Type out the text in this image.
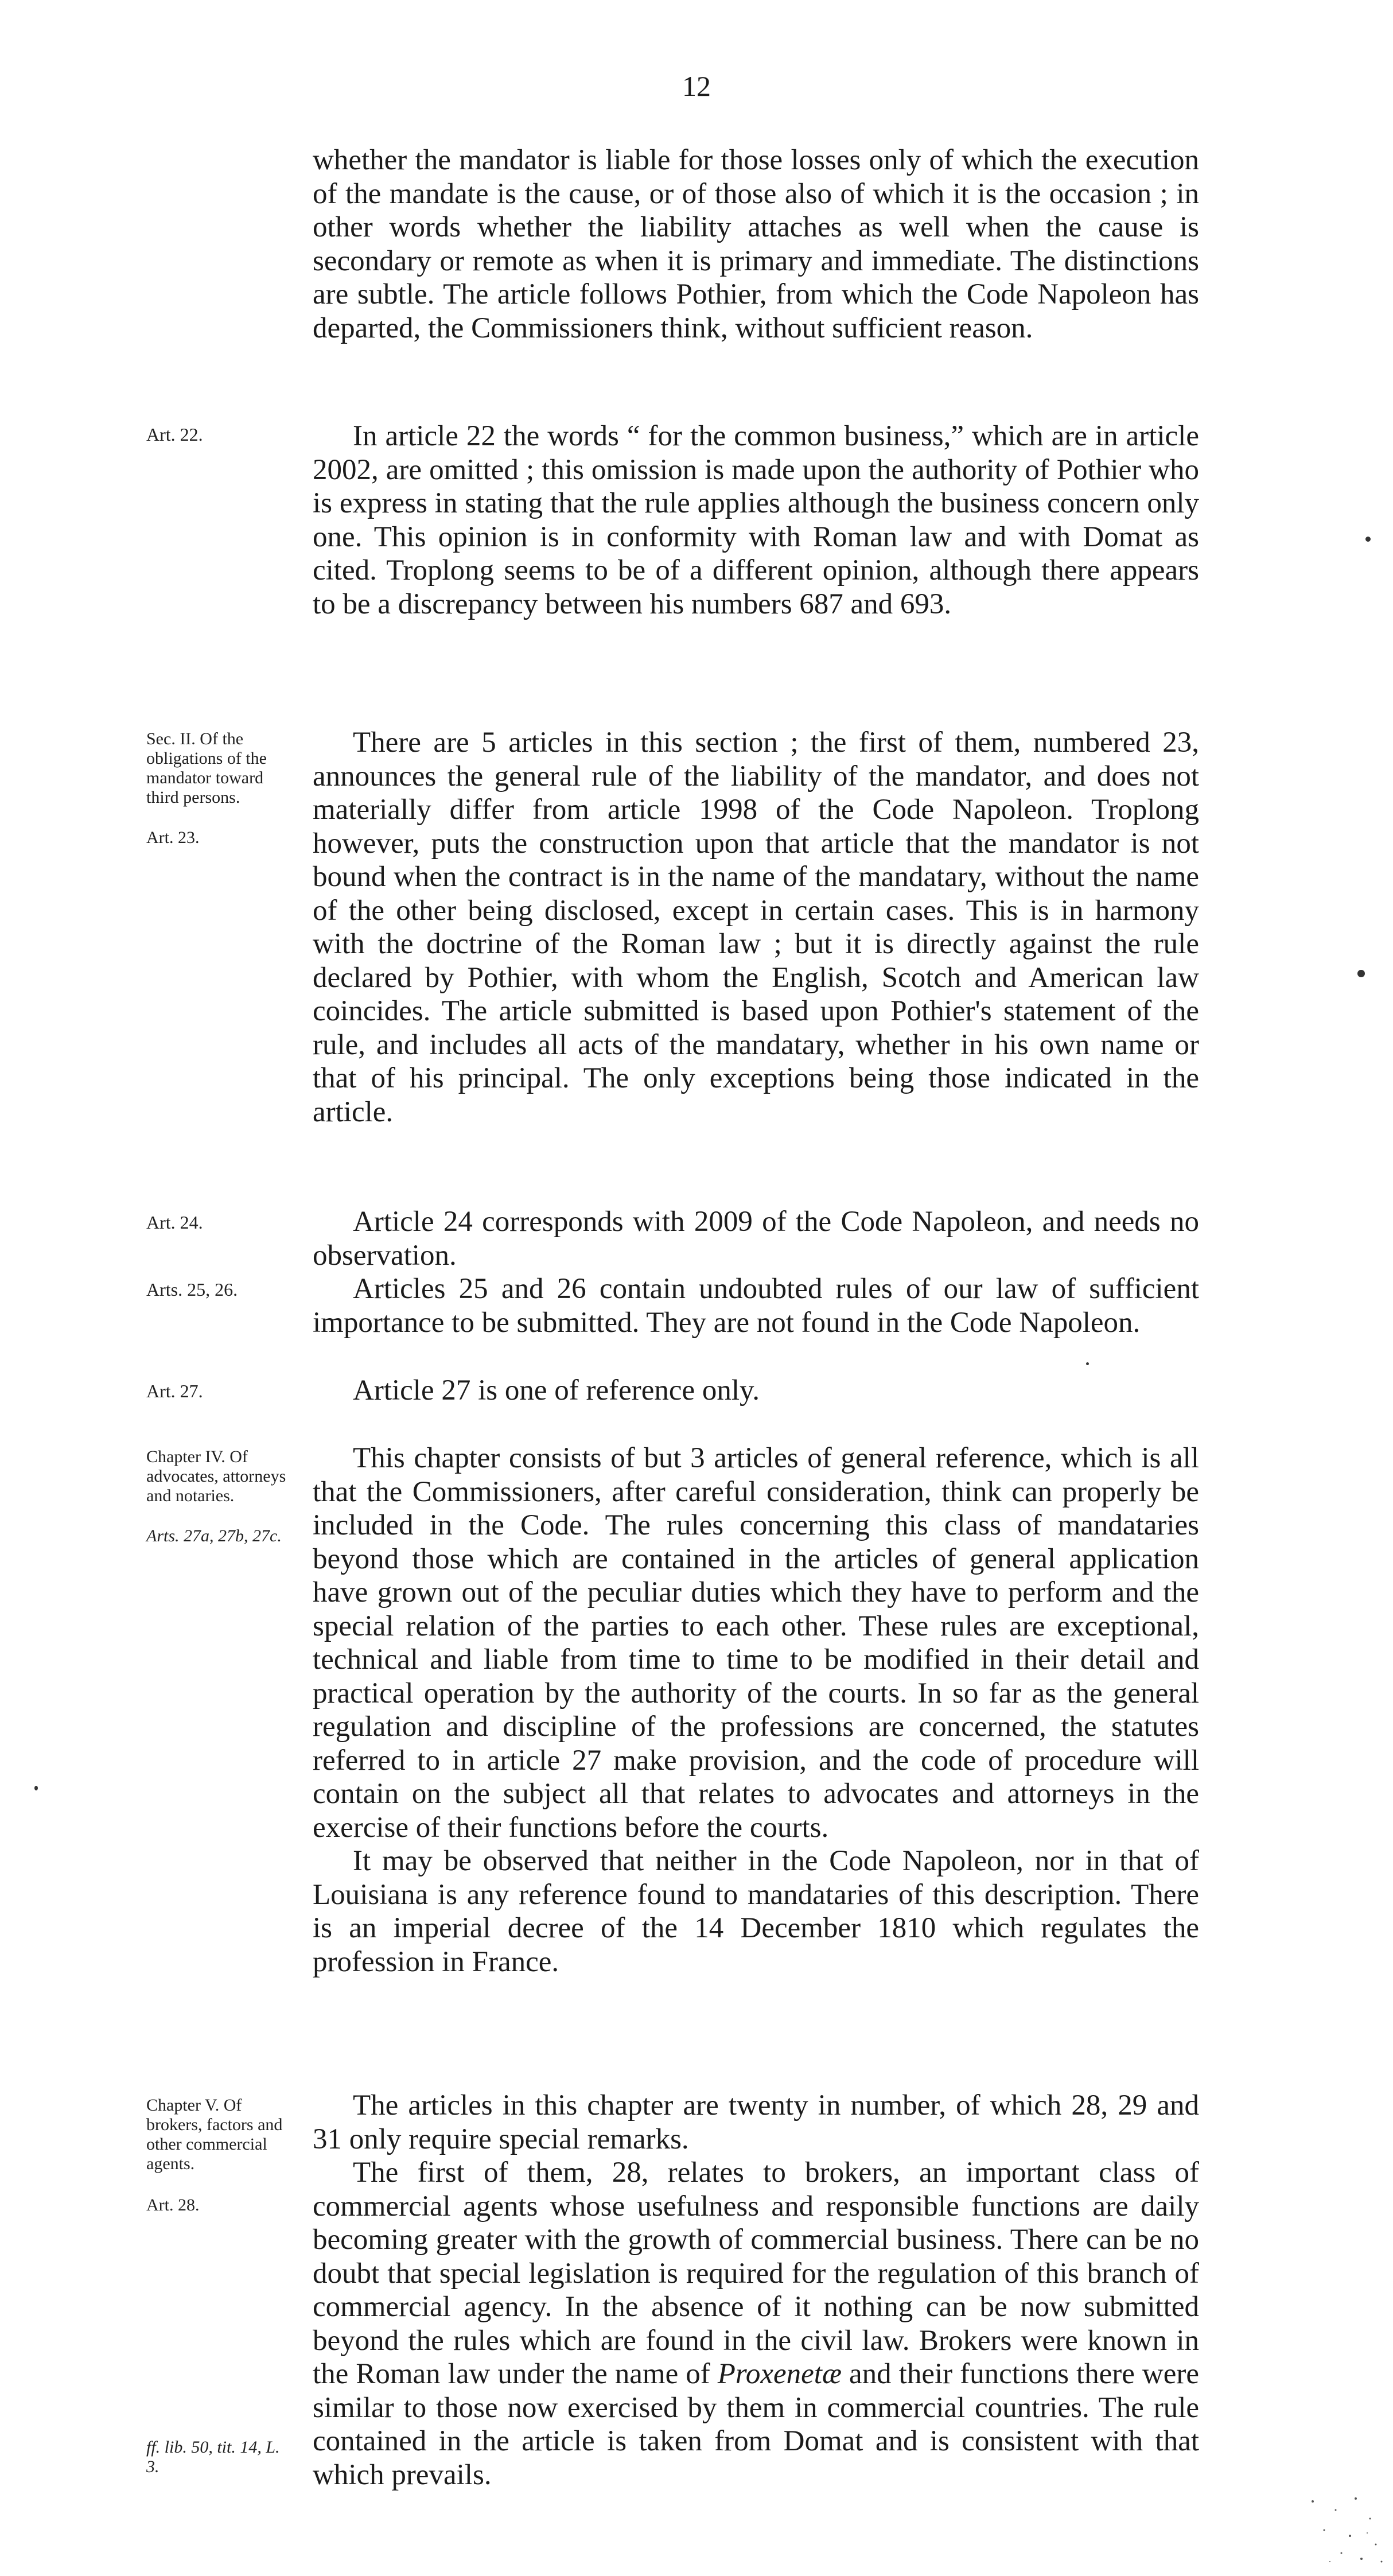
12

whether the mandator is liable for those losses only of which the execution of the mandate is the cause, or of those also of which it is the occasion ; in other words whether the liability attaches as well when the cause is secondary or remote as when it is primary and immediate. The distinctions are subtle. The article follows Pothier, from which the Code Napoleon has departed, the Commissioners think, without sufficient reason.

Art. 22.	In article 22 the words “ for the common business,” which are in article 2002, are omitted ; this omission is made upon the authority of Pothier who is express in stating that the rule applies although the business concern only one. This opinion is in conformity with Roman law and with Domat as cited. Troplong seems to be of a different opinion, although there appears to be a discrepancy between his numbers 687 and 693.

Sec. II. Of the obligations of the mandator toward third persons.
Art. 23.

There are 5 articles in this section ; the first of them, numbered 23, announces the general rule of the liability of the mandator, and does not materially differ from article 1998 of the Code Napoleon. Troplong however, puts the construction upon that article that the mandator is not bound when the contract is in the name of the mandatary, without the name of the other being disclosed, except in certain cases. This is in harmony with the doctrine of the Roman law ; but it is directly against the rule declared by Pothier, with whom the English, Scotch and American law coincides. The article submitted is based upon Pothier's statement of the rule, and includes all acts of the mandatary, whether in his own name or that of his principal. The only exceptions being those indicated in the article.

Art. 24.	Article 24 corresponds with 2009 of the Code Napoleon, and needs no observation.

Arts. 25, 26.	Articles 25 and 26 contain undoubted rules of our law of sufficient importance to be submitted. They are not found in the Code Napoleon.

Art. 27.	Article 27 is one of reference only.

Chapter IV. Of advocates, attorneys and notaries.
Arts. 27a, 27b, 27c.

This chapter consists of but 3 articles of general reference, which is all that the Commissioners, after careful consideration, think can properly be included in the Code. The rules concerning this class of mandataries beyond those which are contained in the articles of general application have grown out of the peculiar duties which they have to perform and the special relation of the parties to each other. These rules are exceptional, technical and liable from time to time to be modified in their detail and practical operation by the authority of the courts. In so far as the general regulation and discipline of the professions are concerned, the statutes referred to in article 27 make provision, and the code of procedure will contain on the subject all that relates to advocates and attorneys in the exercise of their functions before the courts.

It may be observed that neither in the Code Napoleon, nor in that of Louisiana is any reference found to mandataries of this description. There is an imperial decree of the 14 December 1810 which regulates the profession in France.

Chapter V. Of brokers, factors and other commercial agents.
Art. 28.
ff. lib. 50, tit. 14, L. 3.

The articles in this chapter are twenty in number, of which 28, 29 and 31 only require special remarks.

The first of them, 28, relates to brokers, an important class of commercial agents whose usefulness and responsible functions are daily becoming greater with the growth of commercial business. There can be no doubt that special legislation is required for the regulation of this branch of commercial agency. In the absence of it nothing can be now submitted beyond the rules which are found in the civil law. Brokers were known in the Roman law under the name of Proxenetæ and their functions there were similar to those now exercised by them in commercial countries. The rule contained in the article is taken from Domat and is consistent with that which prevails.
